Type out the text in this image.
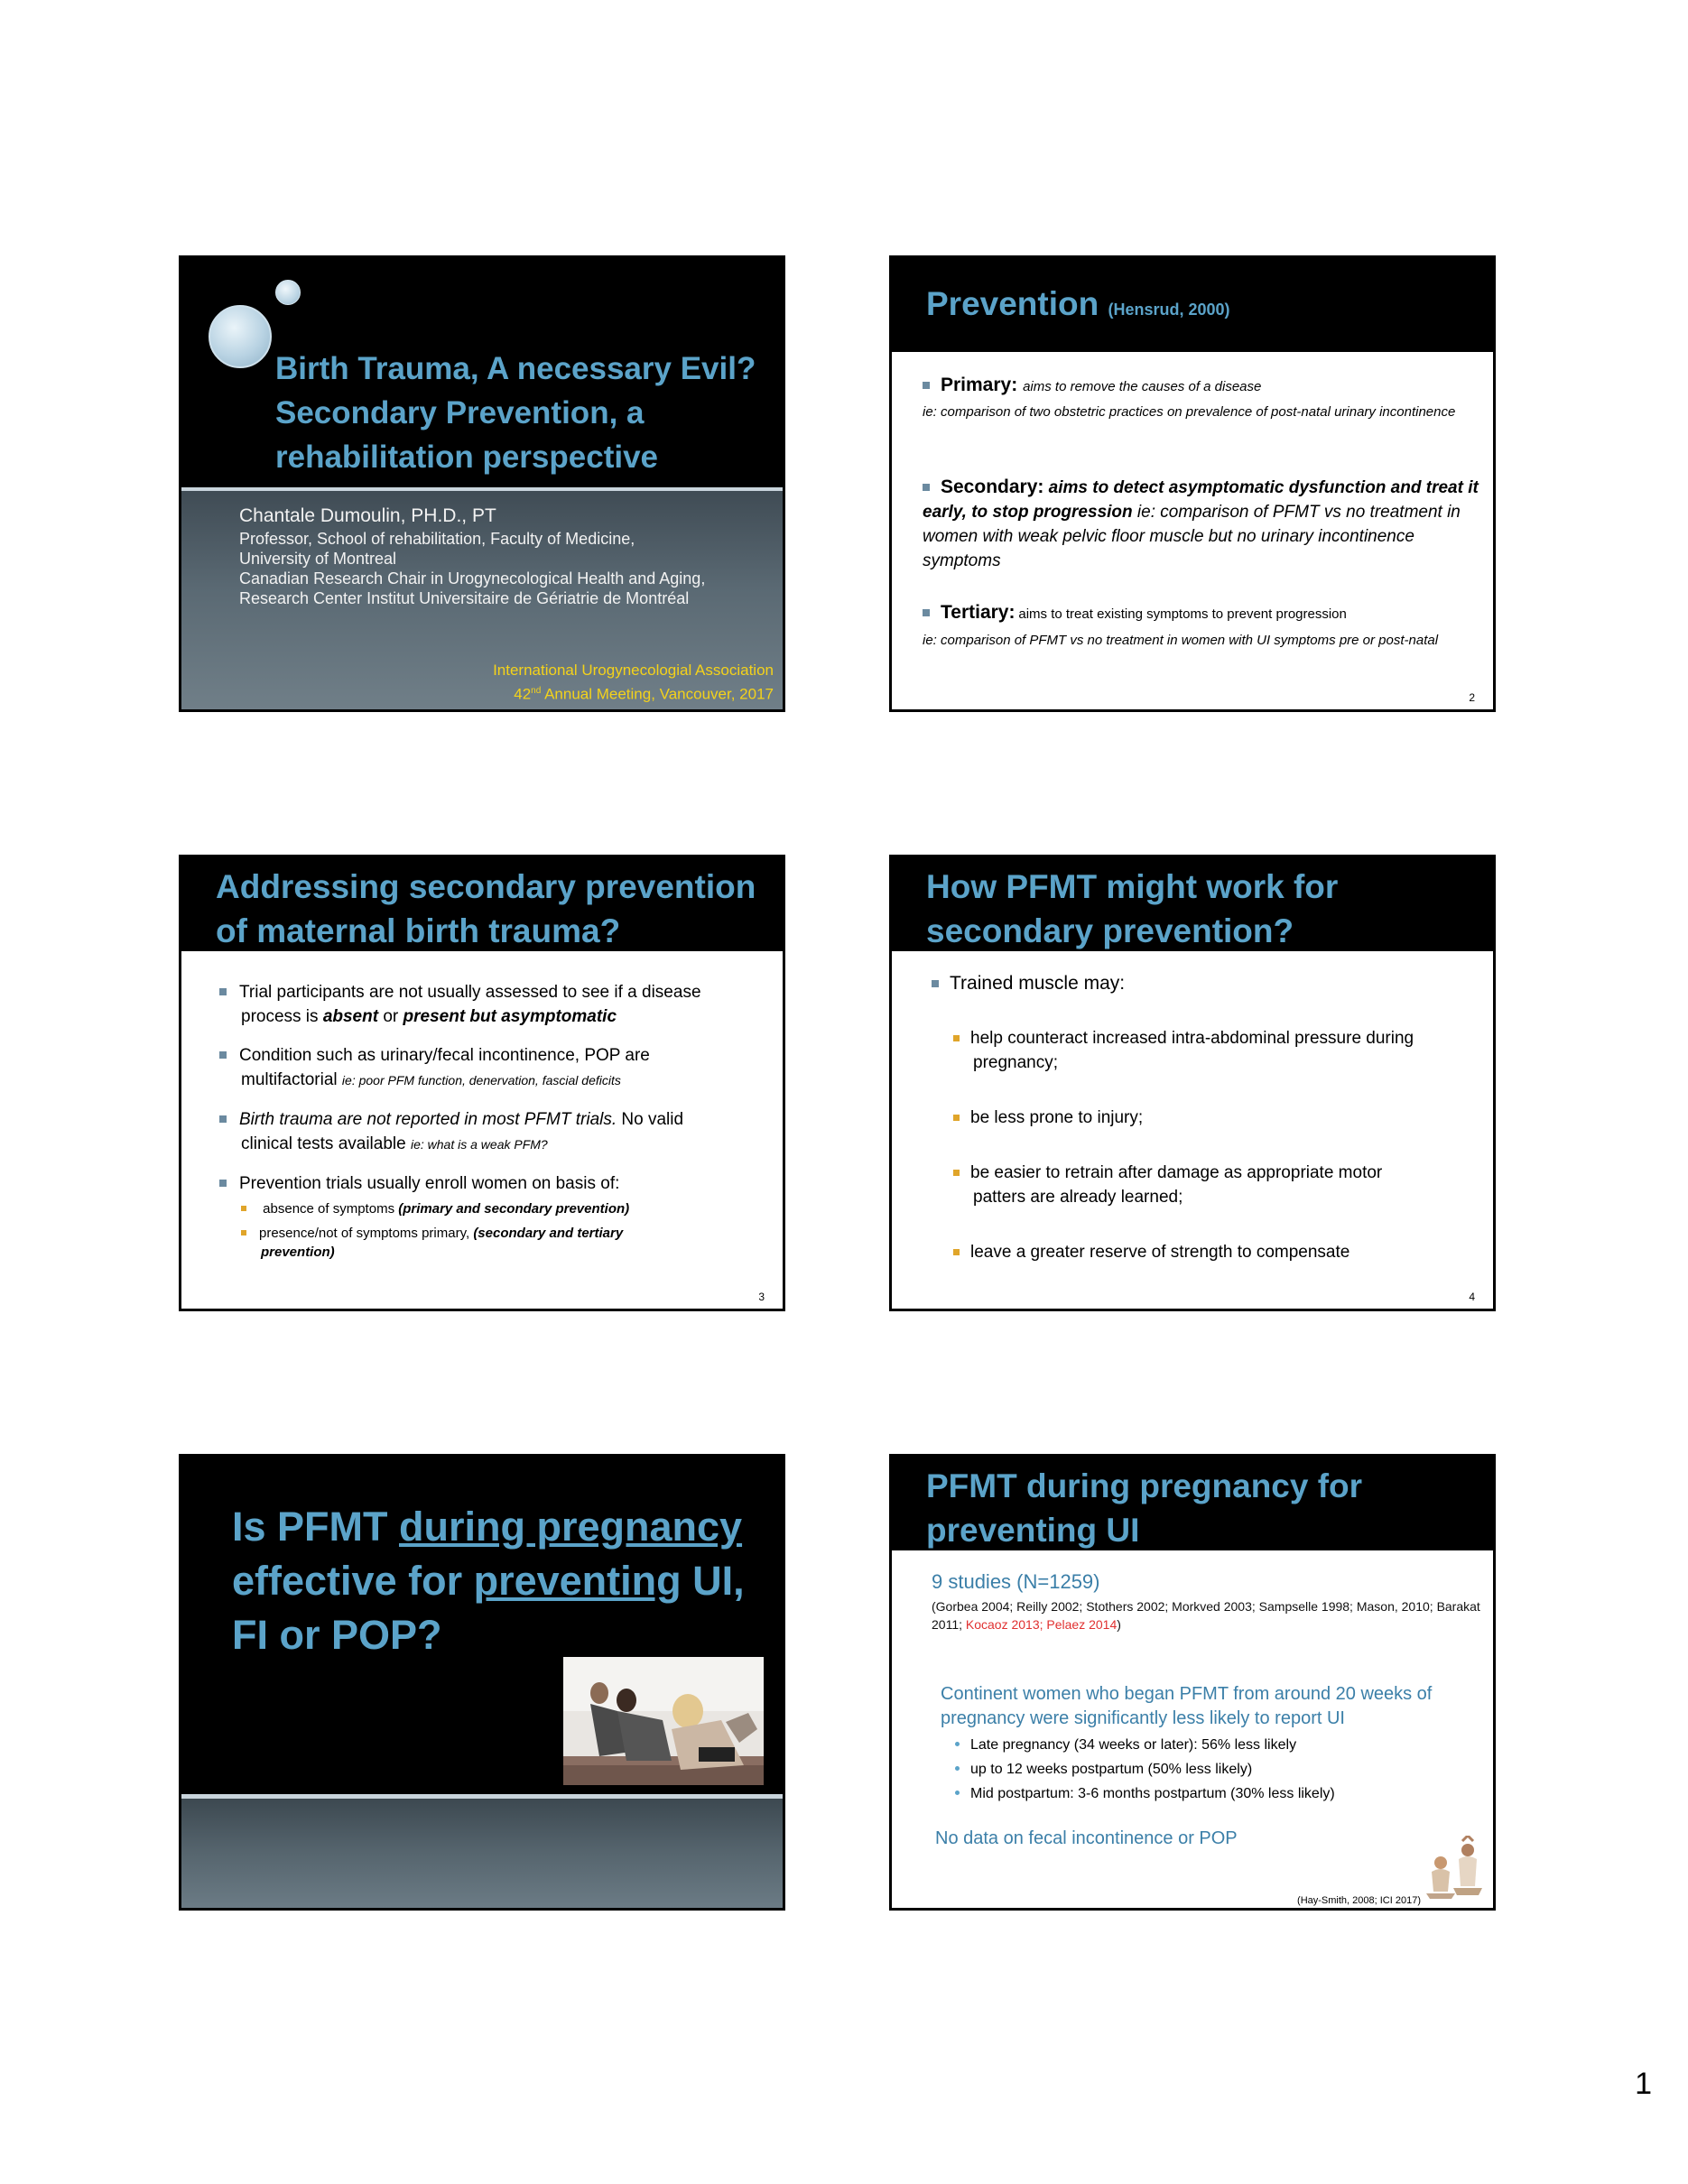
Birth Trauma, A necessary Evil?
Secondary Prevention, a
rehabilitation perspective
Chantale Dumoulin, PH.D., PT
Professor, School of rehabilitation, Faculty of Medicine,
University of Montreal
Canadian Research Chair in Urogynecological Health and Aging,
Research Center Institut Universitaire de Gériatrie de Montréal
International Urogynecologial Association
42nd Annual Meeting, Vancouver, 2017
Prevention (Hensrud, 2000)
Primary: aims to remove the causes of a disease
ie: comparison of two obstetric practices on prevalence of post-natal urinary incontinence
Secondary: aims to detect asymptomatic dysfunction and treat it early, to stop progression ie: comparison of PFMT vs no treatment in women with weak pelvic floor muscle but no urinary incontinence symptoms
Tertiary: aims to treat existing symptoms to prevent progression
ie: comparison of PFMT vs no treatment in women with UI symptoms pre or post-natal
2
Addressing secondary prevention
of maternal birth trauma?
Trial participants are not usually assessed to see if a disease
process is absent or present but asymptomatic
Condition such as urinary/fecal incontinence, POP are
multifactorial ie: poor PFM function, denervation, fascial deficits
Birth trauma are not reported in most PFMT trials. No valid
clinical tests available ie: what is a weak PFM?
Prevention trials usually enroll women on basis of:
absence of symptoms (primary and secondary prevention)
presence/not of symptoms primary, (secondary and tertiary
prevention)
3
How PFMT might work for
secondary prevention?
Trained muscle may:
help counteract increased intra-abdominal pressure during
pregnancy;
be less prone to injury;
be easier to retrain after damage as appropriate motor
patters are already learned;
leave a greater reserve of strength to compensate
4
Is PFMT during pregnancy
effective for preventing UI,
FI or POP?
PFMT during pregnancy for
preventing UI
9 studies (N=1259)
(Gorbea 2004; Reilly 2002; Stothers 2002; Morkved 2003; Sampselle 1998; Mason, 2010; Barakat 2011; Kocaoz 2013; Pelaez 2014)
Continent women who began PFMT from around 20 weeks of pregnancy were significantly less likely to report UI
Late pregnancy (34 weeks or later): 56% less likely
up to 12 weeks postpartum (50% less likely)
Mid postpartum: 3-6 months postpartum (30% less likely)
No data on fecal incontinence or POP
(Hay-Smith, 2008; ICI 2017)
1
